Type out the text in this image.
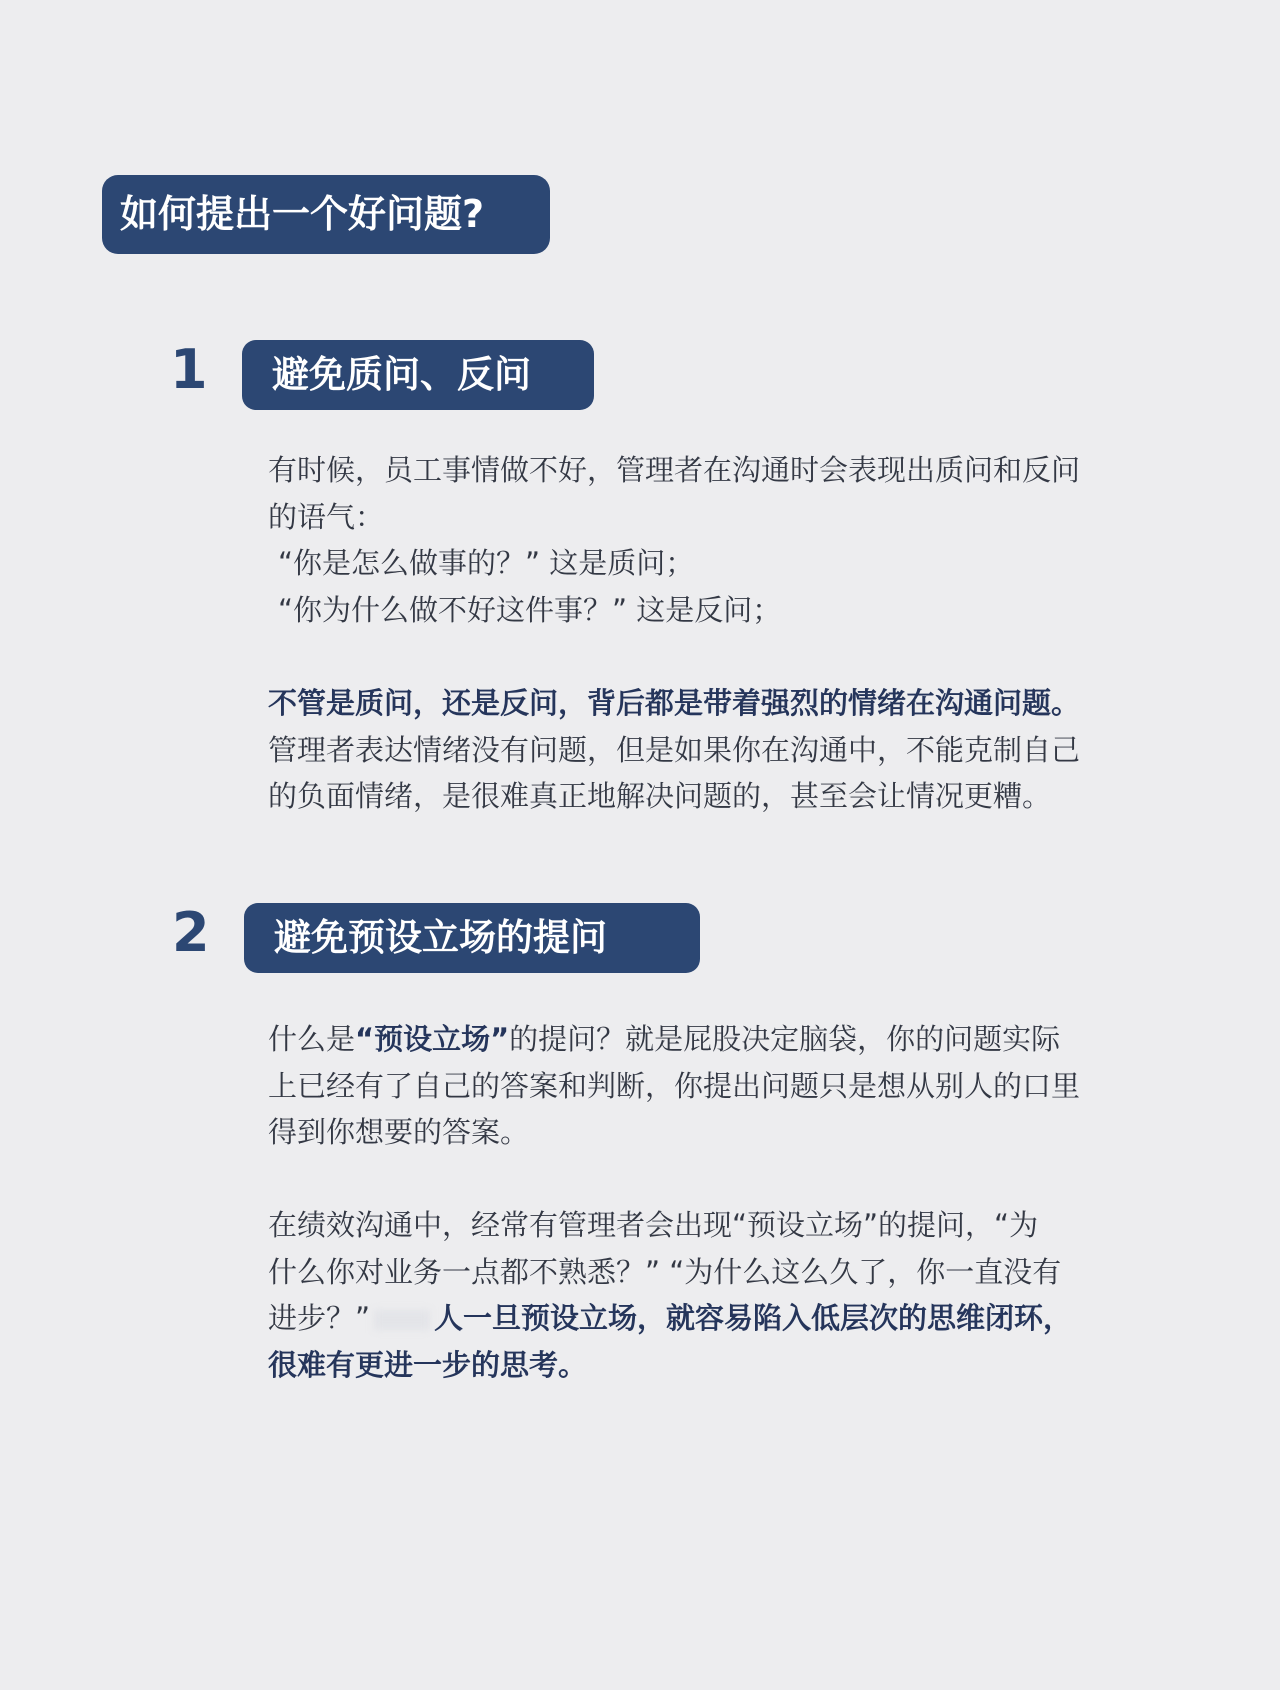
如何提出一个好问题?
1	避免质问、反问
有时候，员工事情做不好，管理者在沟通时会表现出质问和反问
的语气：
“你是怎么做事的？” 这是质问；
“你为什么做不好这件事？” 这是反问；
不管是质问，还是反问，背后都是带着强烈的情绪在沟通问题。
管理者表达情绪没有问题，但是如果你在沟通中，不能克制自己
的负面情绪，是很难真正地解决问题的，甚至会让情况更糟。
2	避免预设立场的提问
什么是“预设立场”的提问？就是屁股决定脑袋，你的问题实际
上已经有了自己的答案和判断，你提出问题只是想从别人的口里
得到你想要的答案。
在绩效沟通中，经常有管理者会出现“预设立场”的提问，“为
什么你对业务一点都不熟悉？” “为什么这么久了，你一直没有
进步？” 人一旦预设立场，就容易陷入低层次的思维闭环，
很难有更进一步的思考。
